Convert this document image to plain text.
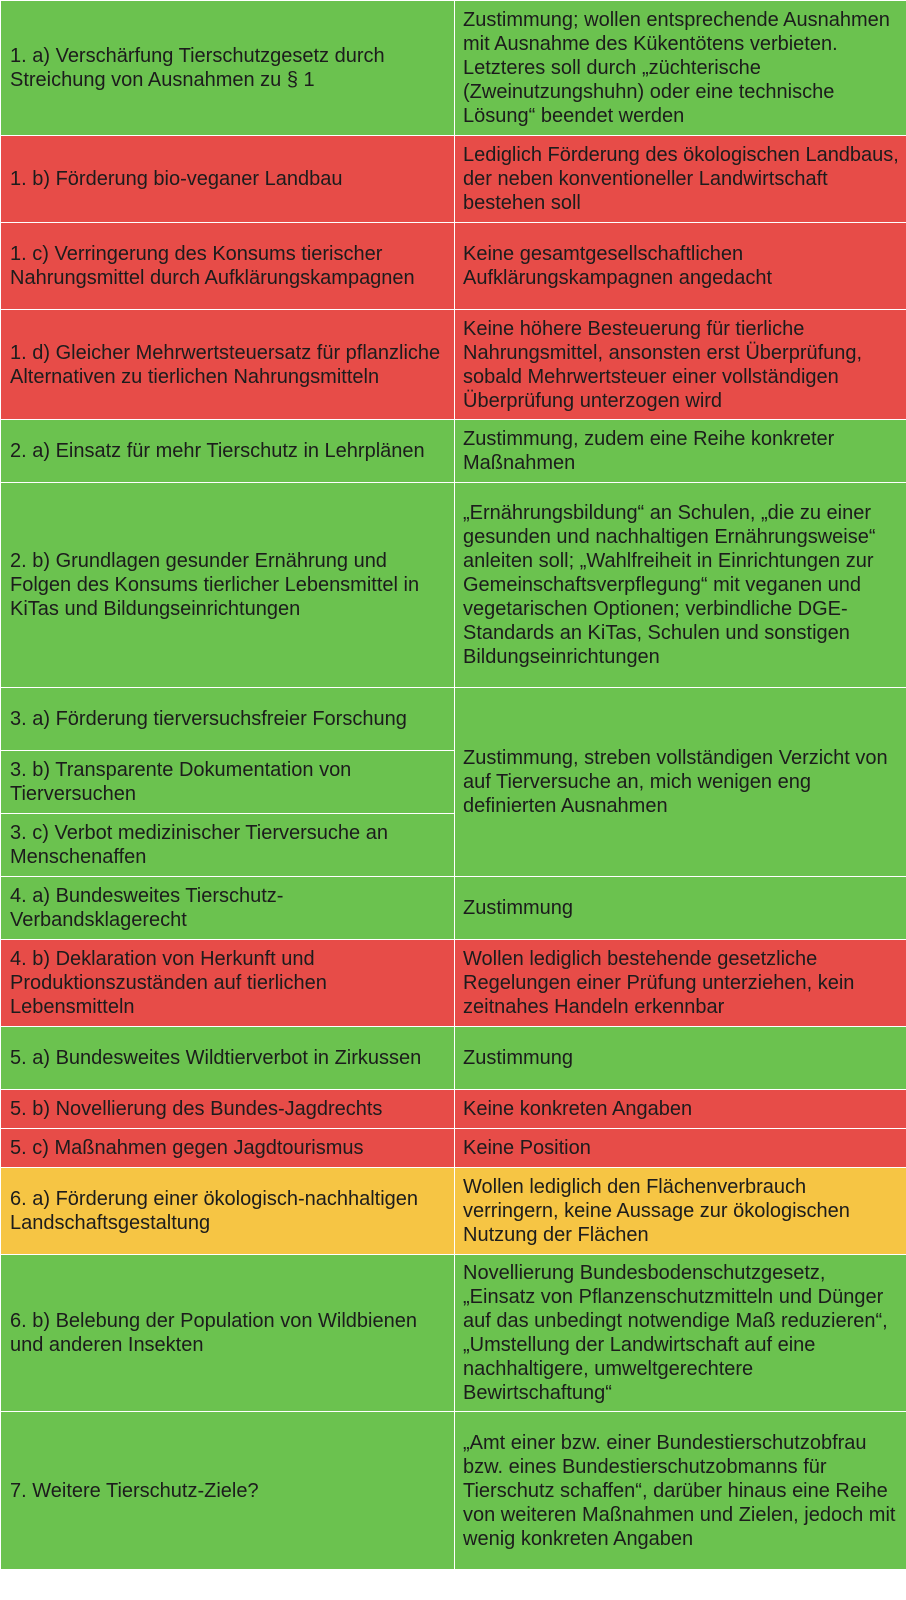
1. a) Verschärfung Tierschutzgesetz durch Streichung von Ausnahmen zu § 1	Zustimmung; wollen entsprechende Ausnahmen mit Ausnahme des Kükentötens verbieten. Letzteres soll durch „züchterische (Zweinutzungshuhn) oder eine technische Lösung“ beendet werden
1. b) Förderung bio-veganer Landbau	Lediglich Förderung des ökologischen Landbaus, der neben konventioneller Landwirtschaft bestehen soll
1. c) Verringerung des Konsums tierischer Nahrungsmittel durch Aufklärungskampagnen	Keine gesamtgesellschaftlichen Aufklärungskampagnen angedacht
1. d) Gleicher Mehrwertsteuersatz für pflanzliche Alternativen zu tierlichen Nahrungsmitteln	Keine höhere Besteuerung für tierliche Nahrungsmittel, ansonsten erst Überprüfung, sobald Mehrwertsteuer einer vollständigen Überprüfung unterzogen wird
2. a) Einsatz für mehr Tierschutz in Lehrplänen	Zustimmung, zudem eine Reihe konkreter Maßnahmen
2. b) Grundlagen gesunder Ernährung und Folgen des Konsums tierlicher Lebensmittel in KiTas und Bildungseinrichtungen	„Ernährungsbildung“ an Schulen, „die zu einer gesunden und nachhaltigen Ernährungsweise“ anleiten soll; „Wahlfreiheit in Einrichtungen zur Gemeinschaftsverpflegung“ mit veganen und vegetarischen Optionen; verbindliche DGE-Standards an KiTas, Schulen und sonstigen Bildungseinrichtungen
3. a) Förderung tierversuchsfreier Forschung	Zustimmung, streben vollständigen Verzicht von auf Tierversuche an, mich wenigen eng definierten Ausnahmen
3. b) Transparente Dokumentation von Tierversuchen	
3. c) Verbot medizinischer Tierversuche an Menschenaffen	
4. a) Bundesweites Tierschutz-Verbandsklagerecht	Zustimmung
4. b) Deklaration von Herkunft und Produktionszuständen auf tierlichen Lebensmitteln	Wollen lediglich bestehende gesetzliche Regelungen einer Prüfung unterziehen, kein zeitnahes Handeln erkennbar
5. a) Bundesweites Wildtierverbot in Zirkussen	Zustimmung
5. b) Novellierung des Bundes-Jagdrechts	Keine konkreten Angaben
5. c) Maßnahmen gegen Jagdtourismus	Keine Position
6. a) Förderung einer ökologisch-nachhaltigen Landschaftsgestaltung	Wollen lediglich den Flächenverbrauch verringern, keine Aussage zur ökologischen Nutzung der Flächen
6. b) Belebung der Population von Wildbienen und anderen Insekten	Novellierung Bundesbodenschutzgesetz, „Einsatz von Pflanzenschutzmitteln und Dünger auf das unbedingt notwendige Maß reduzieren“, „Umstellung der Landwirtschaft auf eine nachhaltigere, umweltgerechtere Bewirtschaftung“
7. Weitere Tierschutz-Ziele?	„Amt einer bzw. einer Bundestierschutzobfrau bzw. eines Bundestierschutzobmanns für Tierschutz schaffen“, darüber hinaus eine Reihe von weiteren Maßnahmen und Zielen, jedoch mit wenig konkreten Angaben
